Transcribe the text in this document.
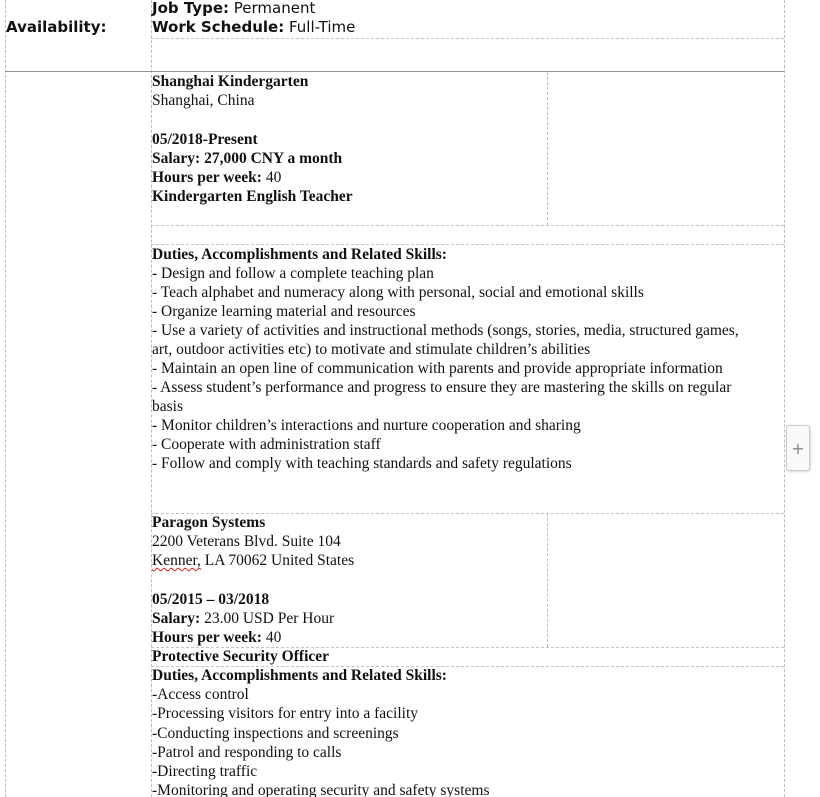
Availability:
Job Type: Permanent
Work Schedule: Full-Time
Shanghai Kindergarten
Shanghai, China
05/2018-Present
Salary: 27,000 CNY a month
Hours per week: 40
Kindergarten English Teacher
Duties, Accomplishments and Related Skills:
- Design and follow a complete teaching plan
- Teach alphabet and numeracy along with personal, social and emotional skills
- Organize learning material and resources
- Use a variety of activities and instructional methods (songs, stories, media, structured games,
art, outdoor activities etc) to motivate and stimulate children’s abilities
- Maintain an open line of communication with parents and provide appropriate information
- Assess student’s performance and progress to ensure they are mastering the skills on regular
basis
- Monitor children’s interactions and nurture cooperation and sharing
- Cooperate with administration staff
- Follow and comply with teaching standards and safety regulations
Paragon Systems
2200 Veterans Blvd. Suite 104
Kenner, LA 70062 United States
05/2015 – 03/2018
Salary: 23.00 USD Per Hour
Hours per week: 40
Protective Security Officer
Duties, Accomplishments and Related Skills:
-Access control
-Processing visitors for entry into a facility
-Conducting inspections and screenings
-Patrol and responding to calls
-Directing traffic
-Monitoring and operating security and safety systems
+
